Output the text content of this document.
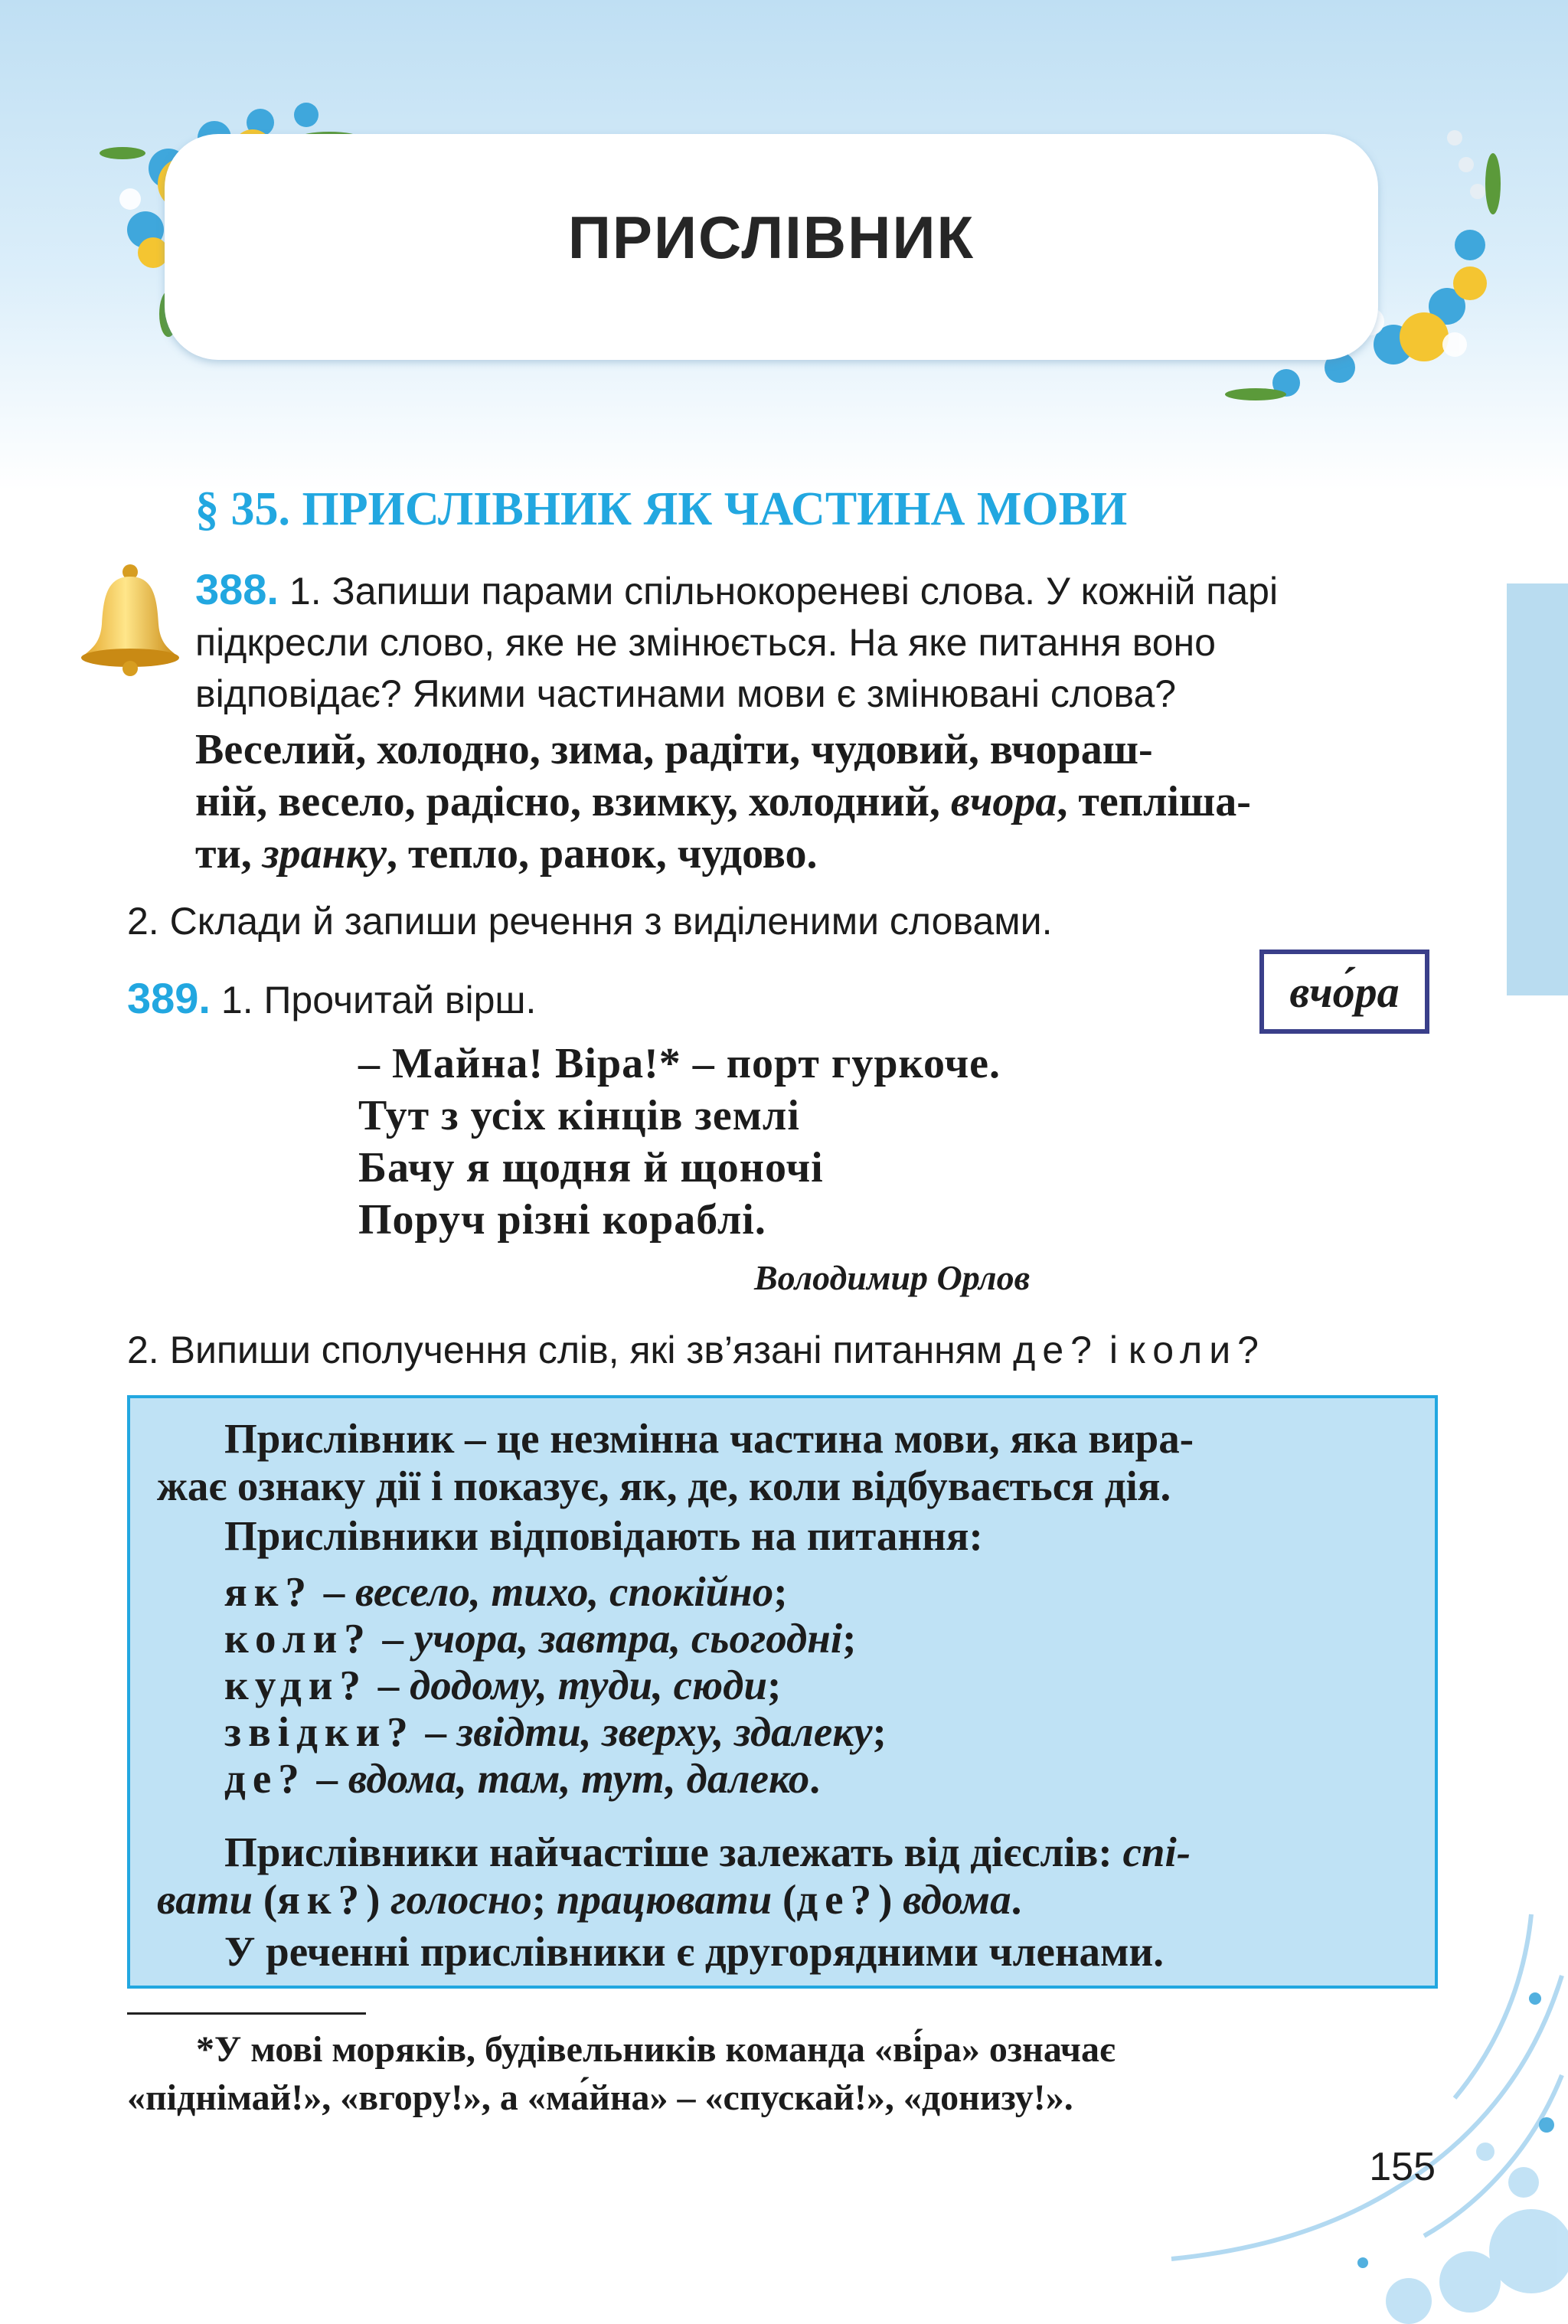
ПРИСЛІВНИК
§ 35. ПРИСЛІВНИК ЯК ЧАСТИНА МОВИ
388. 1. Запиши парами спільнокореневі слова. У кожній парі
підкресли слово, яке не змінюється. На яке питання воно
відповідає? Якими частинами мови є змінювані слова?
Веселий, холодно, зима, радіти, чудовий, вчораш-
ній, весело, радісно, взимку, холодний, вчора, тепліша-
ти, зранку, тепло, ранок, чудово.
2. Склади й запиши речення з виділеними словами.
389. 1. Прочитай вірш.	вчо́ра
– Майна! Віра!* – порт гуркоче.
Тут з усіх кінців землі
Бачу я щодня й щоночі
Поруч різні кораблі.
Володимир Орлов
2. Випиши сполучення слів, які зв’язані питанням де? і коли?
Прислівник – це незмінна частина мови, яка вира-
жає ознаку дії і показує, як, де, коли відбувається дія.
Прислівники відповідають на питання:
як? – весело, тихо, спокійно;
коли? – учора, завтра, сьогодні;
куди? – додому, туди, сюди;
звідки? – звідти, зверху, здалеку;
де? – вдома, там, тут, далеко.
Прислівники найчастіше залежать від дієслів: спі-
вати (як?) голосно; працювати (де?) вдома.
У реченні прислівники є другорядними членами.
*У мові моряків, будівельників команда «ві́ра» означає
«піднімай!», «вгору!», а «ма́йна» – «спускай!», «донизу!».
155
